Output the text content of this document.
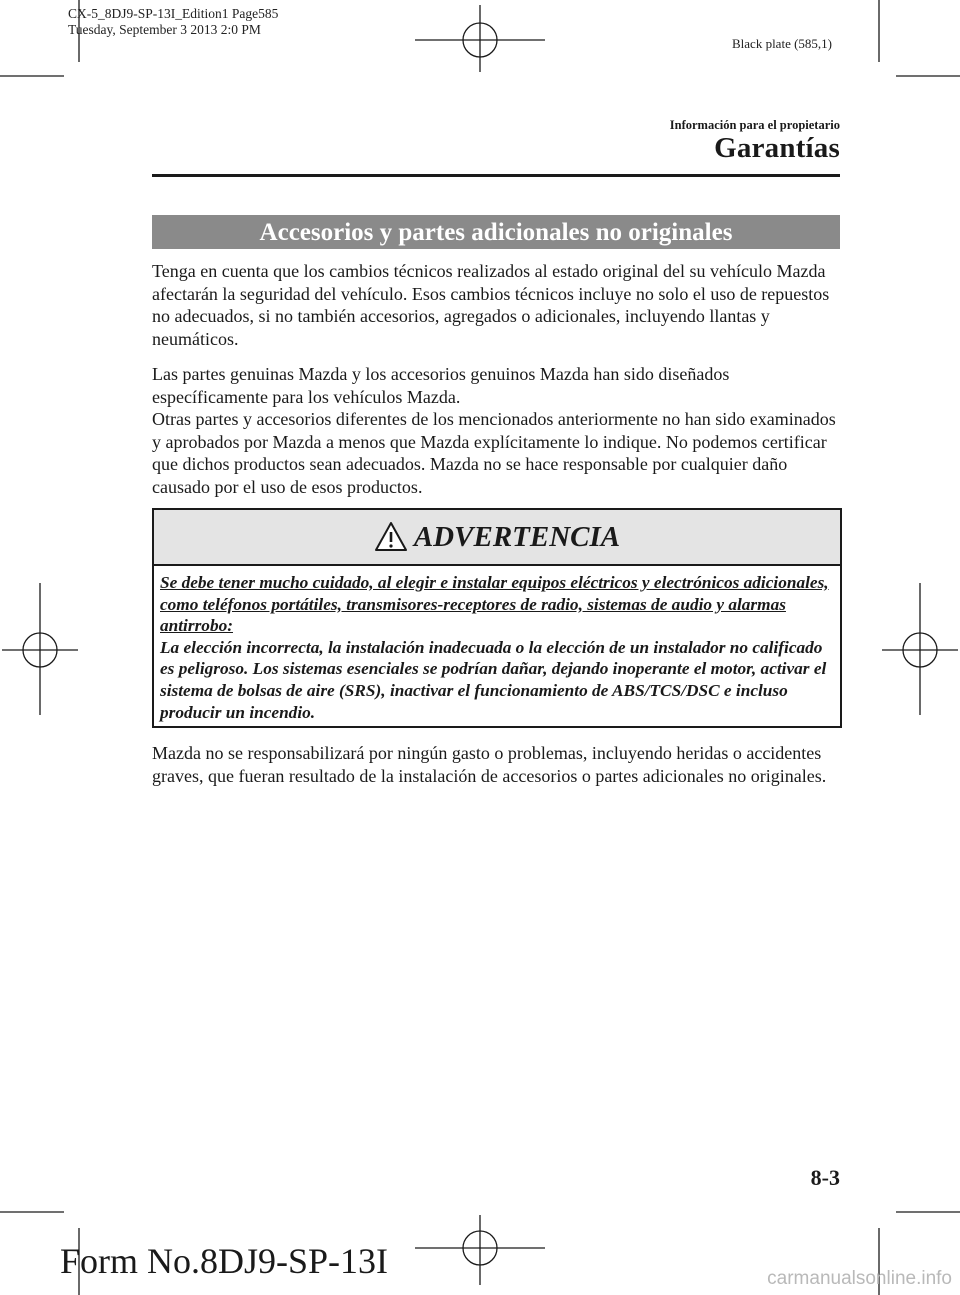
CX-5_8DJ9-SP-13I_Edition1 Page585
Tuesday, September 3 2013 2:0 PM
Black plate (585,1)
Información para el propietario
Garantías
Accesorios y partes adicionales no originales

Tenga en cuenta que los cambios técnicos realizados al estado original del su vehículo Mazda afectarán la seguridad del vehículo. Esos cambios técnicos incluye no solo el uso de repuestos no adecuados, si no también accesorios, agregados o adicionales, incluyendo llantas y neumáticos.

Las partes genuinas Mazda y los accesorios genuinos Mazda han sido diseñados específicamente para los vehículos Mazda.
Otras partes y accesorios diferentes de los mencionados anteriormente no han sido examinados y aprobados por Mazda a menos que Mazda explícitamente lo indique. No podemos certificar que dichos productos sean adecuados. Mazda no se hace responsable por cualquier daño causado por el uso de esos productos.
ADVERTENCIA
Se debe tener mucho cuidado, al elegir e instalar equipos eléctricos y electrónicos adicionales, como teléfonos portátiles, transmisores-receptores de radio, sistemas de audio y alarmas antirrobo:
La elección incorrecta, la instalación inadecuada o la elección de un instalador no calificado es peligroso. Los sistemas esenciales se podrían dañar, dejando inoperante el motor, activar el sistema de bolsas de aire (SRS), inactivar el funcionamiento de ABS/TCS/DSC e incluso producir un incendio.

Mazda no se responsabilizará por ningún gasto o problemas, incluyendo heridas o accidentes graves, que fueran resultado de la instalación de accesorios o partes adicionales no originales.

8-3
Form No.8DJ9-SP-13I	carmanualsonline.info
